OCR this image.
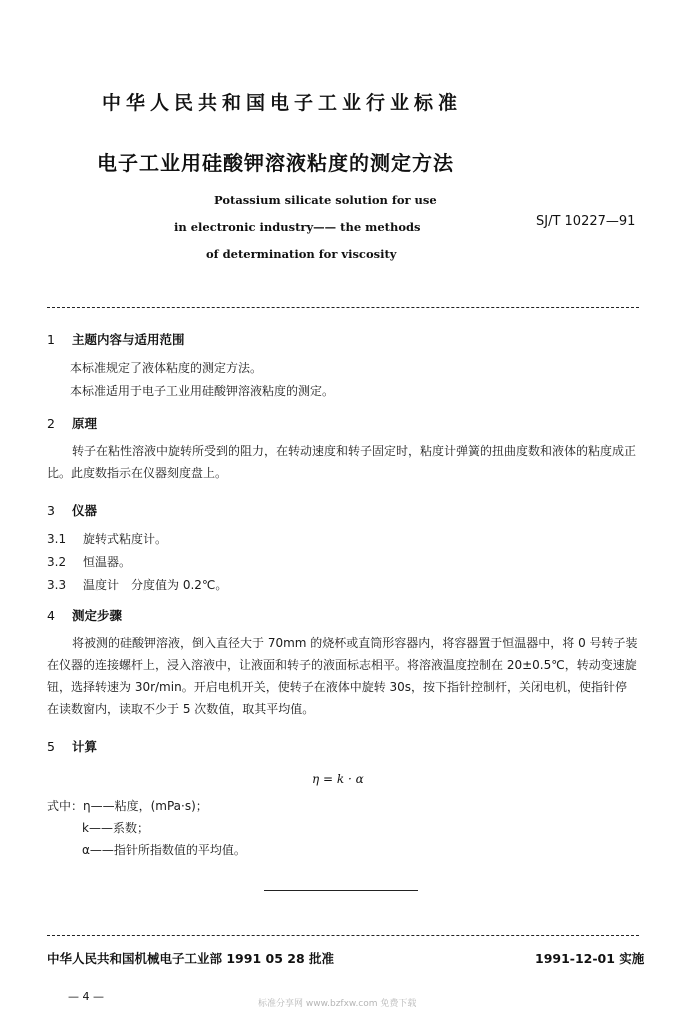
中华人民共和国电子工业行业标准
电子工业用硅酸钾溶液粘度的测定方法
Potassium silicate solution for use
in electronic industry—— the methods
of determination for viscosity
SJ/T 10227—91
1 主题内容与适用范围
本标准规定了液体粘度的测定方法。
本标准适用于电子工业用硅酸钾溶液粘度的测定。
2 原理
转子在粘性溶液中旋转所受到的阻力，在转动速度和转子固定时，粘度计弹簧的扭曲度数和液体的粘度成正比。此度数指示在仪器刻度盘上。
3 仪器
3.1 旋转式粘度计。
3.2 恒温器。
3.3 温度计　分度值为 0.2℃。
4 测定步骤
将被测的硅酸钾溶液，倒入直径大于 70mm 的烧杯或直筒形容器内，将容器置于恒温器中，将 0 号转子装在仪器的连接螺杆上，浸入溶液中，让液面和转子的液面标志相平。将溶液温度控制在 20±0.5℃，转动变速旋钮，选择转速为 30r/min。开启电机开关，使转子在液体中旋转 30s，按下指针控制杆，关闭电机，使指针停在读数窗内，读取不少于 5 次数值，取其平均值。
5 计算
η = k · α
式中：η——粘度，(mPa·s)；
k——系数；
α——指针所指数值的平均值。
中华人民共和国机械电子工业部 1991 05 28 批准	1991-12-01 实施
— 4 —
标准分享网 www.bzfxw.com 免费下载
